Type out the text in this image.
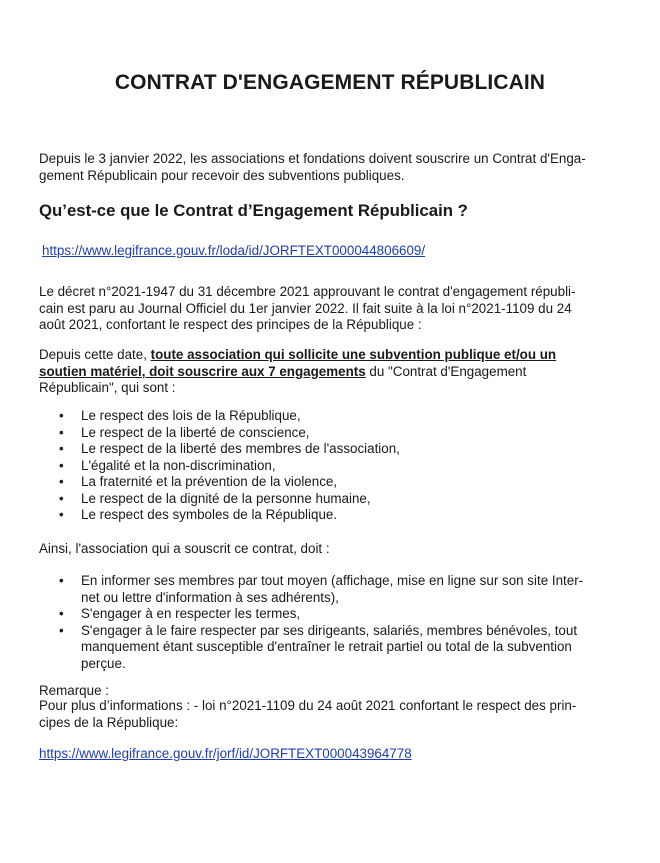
CONTRAT D'ENGAGEMENT RÉPUBLICAIN

Depuis le 3 janvier 2022, les associations et fondations doivent souscrire un Contrat d'Enga-
gement Républicain pour recevoir des subventions publiques.

Qu’est-ce que le Contrat d’Engagement Républicain ?

https://www.legifrance.gouv.fr/loda/id/JORFTEXT000044806609/

Le décret n°2021-1947 du 31 décembre 2021 approuvant le contrat d'engagement républi-
cain est paru au Journal Officiel du 1er janvier 2022. Il fait suite à la loi n°2021-1109 du 24
août 2021, confortant le respect des principes de la République :

Depuis cette date, toute association qui sollicite une subvention publique et/ou un
soutien matériel, doit souscrire aux 7 engagements du "Contrat d'Engagement
Républicain", qui sont :

• Le respect des lois de la République,
• Le respect de la liberté de conscience,
• Le respect de la liberté des membres de l'association,
• L'égalité et la non-discrimination,
• La fraternité et la prévention de la violence,
• Le respect de la dignité de la personne humaine,
• Le respect des symboles de la République.

Ainsi, l'association qui a souscrit ce contrat, doit :

• En informer ses membres par tout moyen (affichage, mise en ligne sur son site Inter-
net ou lettre d'information à ses adhérents),
• S'engager à en respecter les termes,
• S'engager à le faire respecter par ses dirigeants, salariés, membres bénévoles, tout
manquement étant susceptible d'entraîner le retrait partiel ou total de la subvention
perçue.

Remarque :

Pour plus d’informations : - loi n°2021-1109 du 24 août 2021 confortant le respect des prin-
cipes de la République:

https://www.legifrance.gouv.fr/jorf/id/JORFTEXT000043964778
